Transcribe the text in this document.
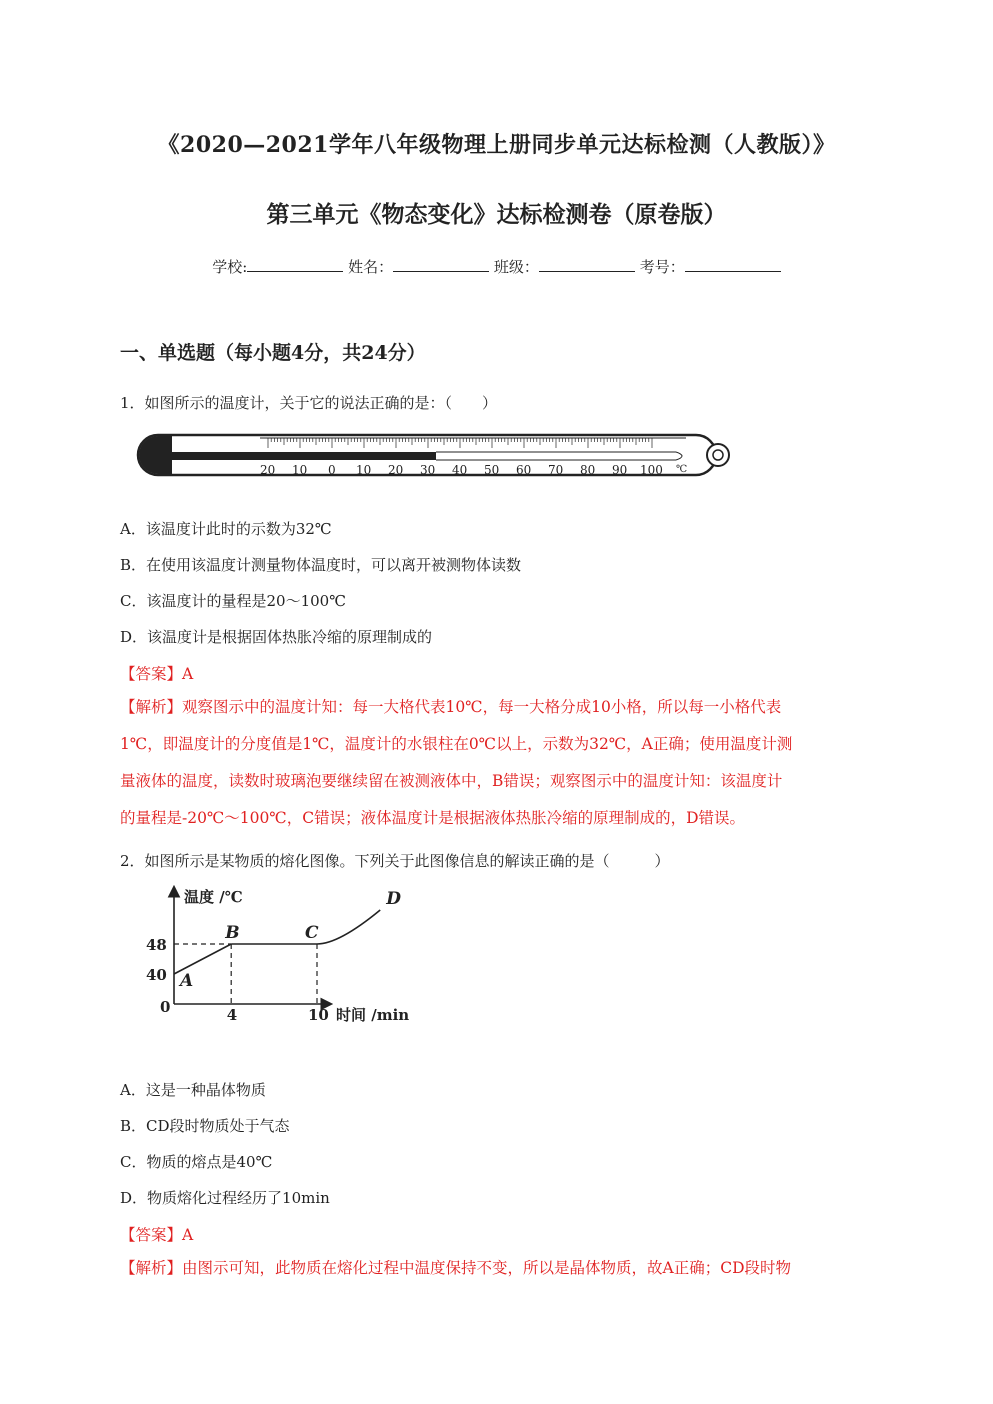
《2020—2021学年八年级物理上册同步单元达标检测（人教版）》
第三单元《物态变化》达标检测卷（原卷版）
学校:	姓名：	班级：	考号：
一、单选题（每小题4分，共24分）
1．如图所示的温度计，关于它的说法正确的是：（　　）
20 10 0 10 20 30 40 50 60 70 80 90 100 ℃
A．该温度计此时的示数为32℃
B．在使用该温度计测量物体温度时，可以离开被测物体读数
C．该温度计的量程是20～100℃
D．该温度计是根据固体热胀冷缩的原理制成的
【答案】A
【解析】观察图示中的温度计知：每一大格代表10℃，每一大格分成10小格，所以每一小格代表
1℃，即温度计的分度值是1℃，温度计的水银柱在0℃以上，示数为32℃，A正确；使用温度计测
量液体的温度，读数时玻璃泡要继续留在被测液体中，B错误；观察图示中的温度计知：该温度计
的量程是-20℃～100℃，C错误；液体温度计是根据液体热胀冷缩的原理制成的，D错误。
2．如图所示是某物质的熔化图像。下列关于此图像信息的解读正确的是（　　　）
温度 /℃
时间 /min
0
40
48
4	10
A
B	C
D
A．这是一种晶体物质
B．CD段时物质处于气态
C．物质的熔点是40℃
D．物质熔化过程经历了10min
【答案】A
【解析】由图示可知，此物质在熔化过程中温度保持不变，所以是晶体物质，故A正确；CD段时物
